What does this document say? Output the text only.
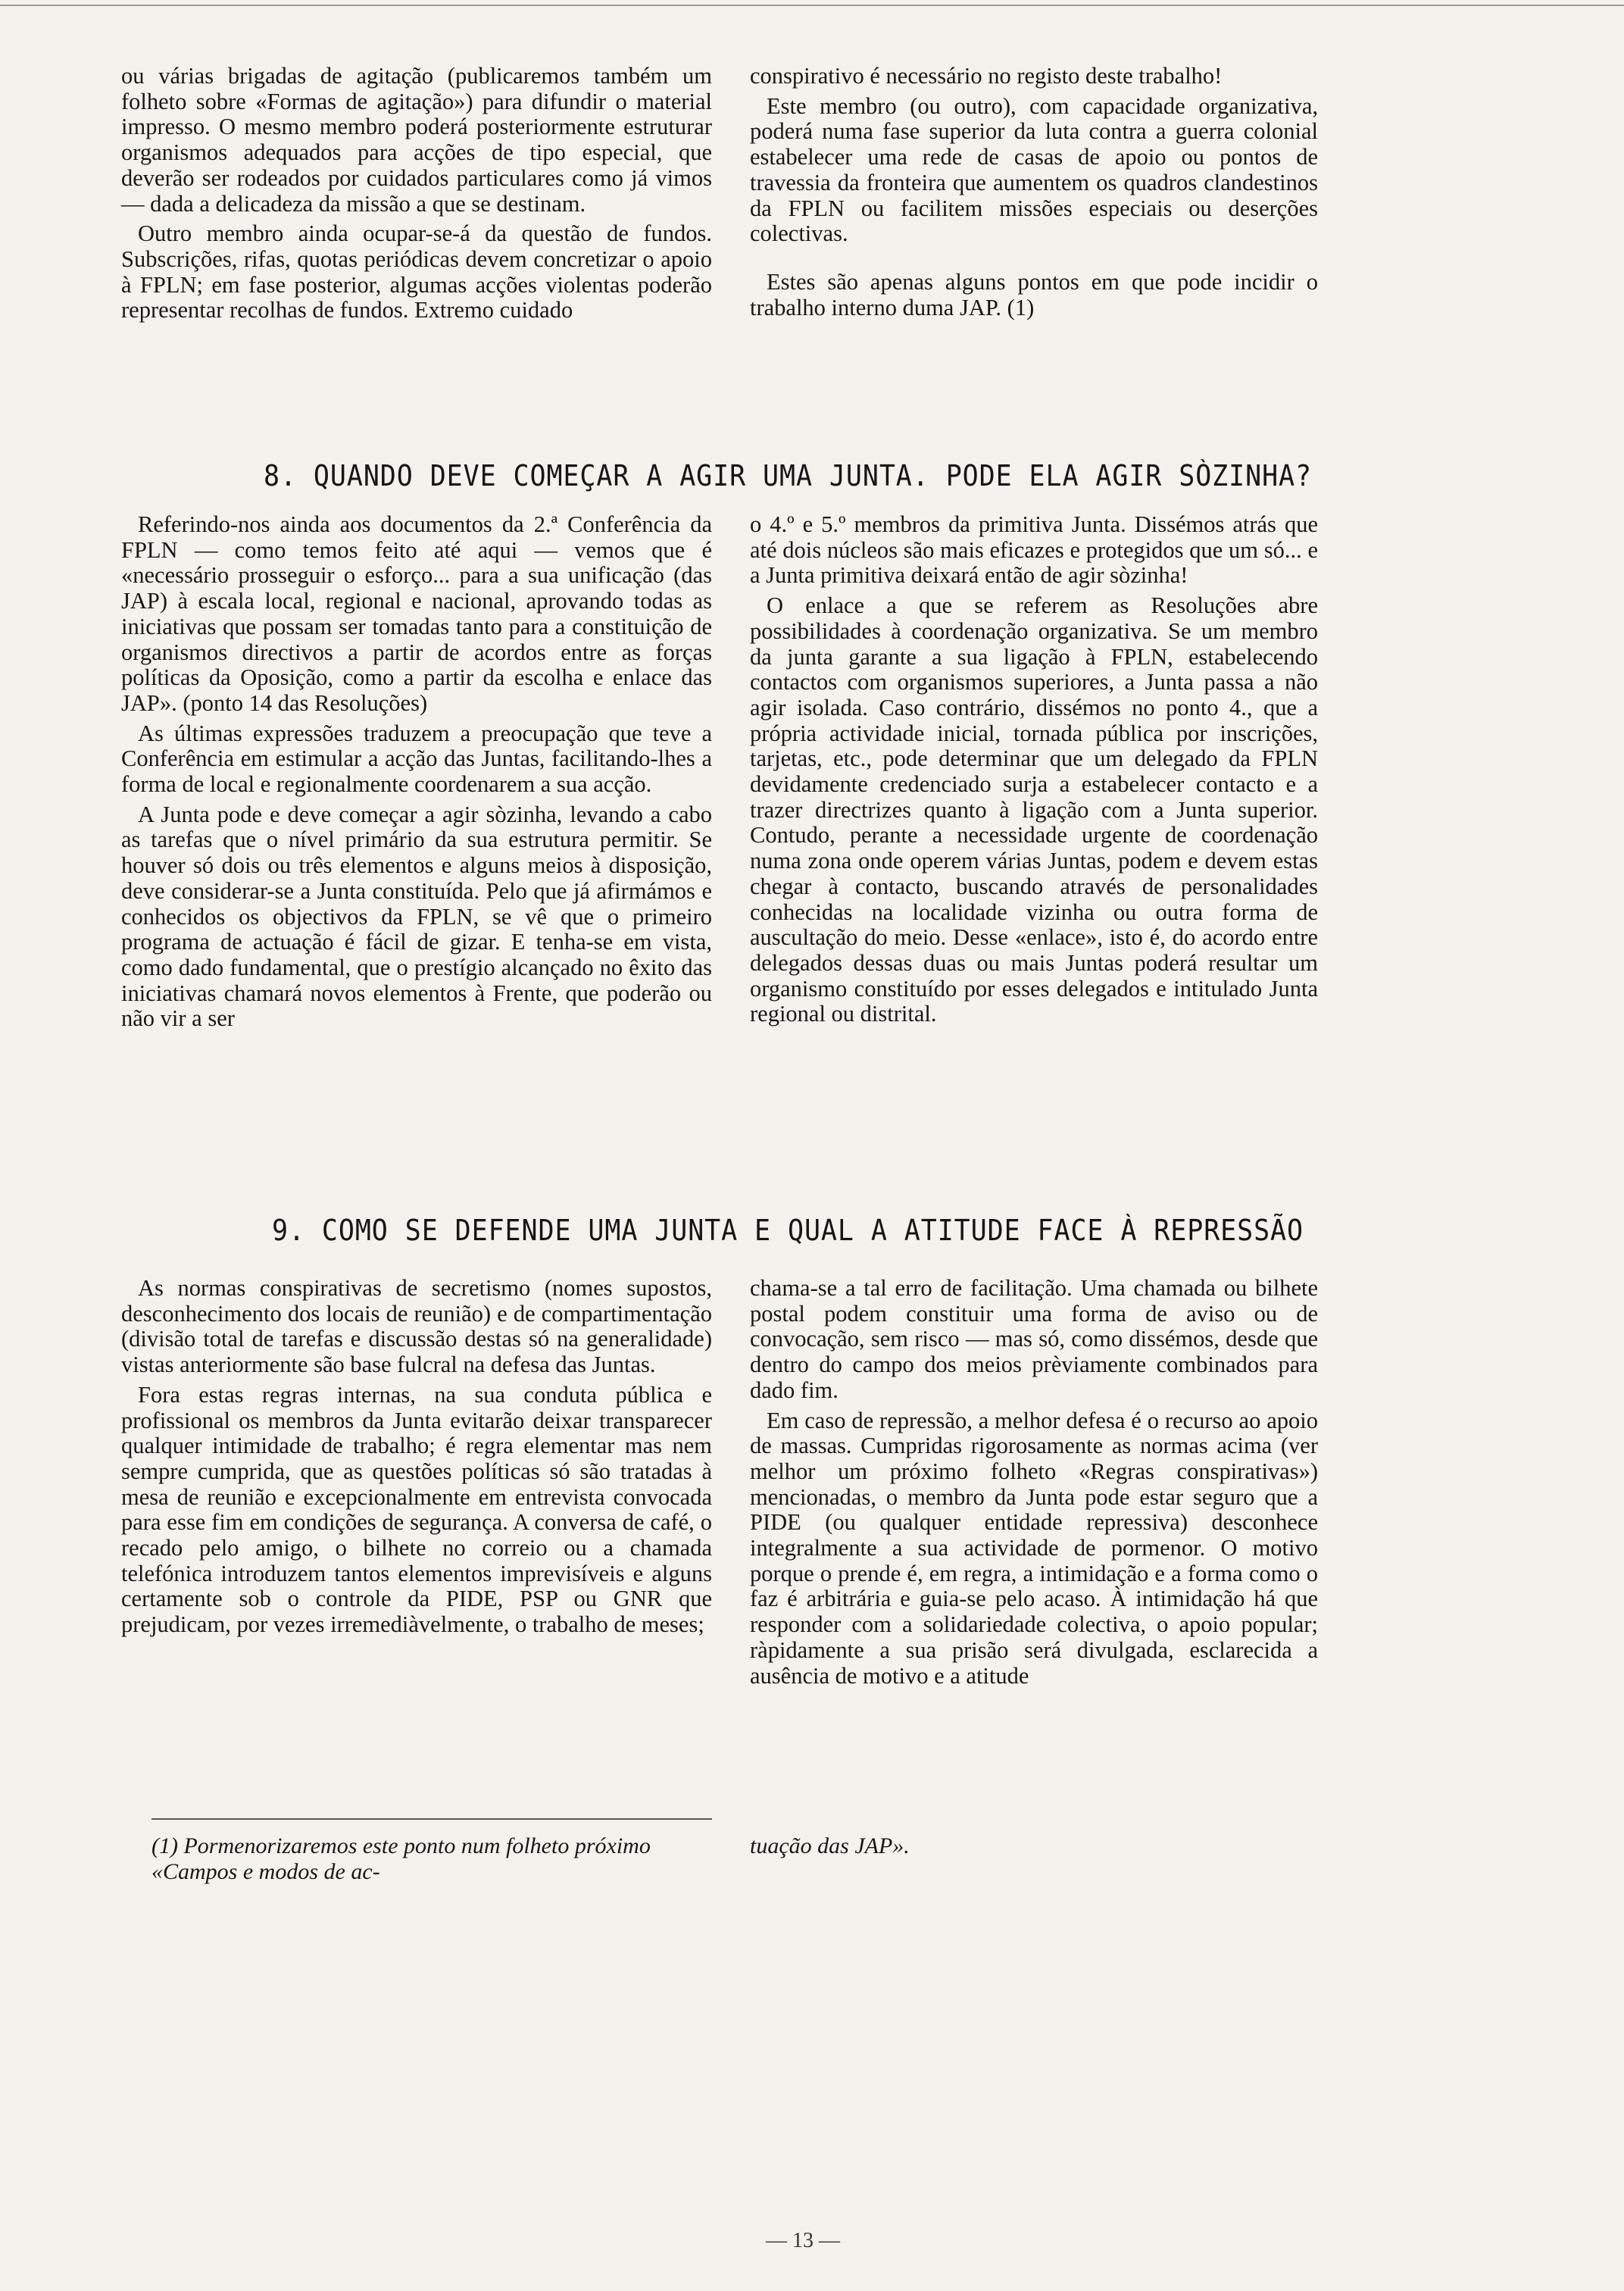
ou várias brigadas de agitação (publicaremos também um folheto sobre «Formas de agitação») para difundir o material impresso. O mesmo membro poderá posteriormente estruturar organismos adequados para acções de tipo especial, que deverão ser rodeados por cuidados particulares como já vimos — dada a delicadeza da missão a que se destinam.

Outro membro ainda ocupar-se-á da questão de fundos. Subscrições, rifas, quotas periódicas devem concretizar o apoio à FPLN; em fase posterior, algumas acções violentas poderão representar recolhas de fundos. Extremo cuidado

conspirativo é necessário no registo deste trabalho!

Este membro (ou outro), com capacidade organizativa, poderá numa fase superior da luta contra a guerra colonial estabelecer uma rede de casas de apoio ou pontos de travessia da fronteira que aumentem os quadros clandestinos da FPLN ou facilitem missões especiais ou deserções colectivas.

Estes são apenas alguns pontos em que pode incidir o trabalho interno duma JAP. (1)

8. QUANDO DEVE COMEÇAR A AGIR UMA JUNTA. PODE ELA AGIR SÒZINHA?

Referindo-nos ainda aos documentos da 2.ª Conferência da FPLN — como temos feito até aqui — vemos que é «necessário prosseguir o esforço... para a sua unificação (das JAP) à escala local, regional e nacional, aprovando todas as iniciativas que possam ser tomadas tanto para a constituição de organismos directivos a partir de acordos entre as forças políticas da Oposição, como a partir da escolha e enlace das JAP». (ponto 14 das Resoluções)

As últimas expressões traduzem a preocupação que teve a Conferência em estimular a acção das Juntas, facilitando-lhes a forma de local e regionalmente coordenarem a sua acção.

A Junta pode e deve começar a agir sòzinha, levando a cabo as tarefas que o nível primário da sua estrutura permitir. Se houver só dois ou três elementos e alguns meios à disposição, deve considerar-se a Junta constituída. Pelo que já afirmámos e conhecidos os objectivos da FPLN, se vê que o primeiro programa de actuação é fácil de gizar. E tenha-se em vista, como dado fundamental, que o prestígio alcançado no êxito das iniciativas chamará novos elementos à Frente, que poderão ou não vir a ser

o 4.º e 5.º membros da primitiva Junta. Dissémos atrás que até dois núcleos são mais eficazes e protegidos que um só... e a Junta primitiva deixará então de agir sòzinha!

O enlace a que se referem as Resoluções abre possibilidades à coordenação organizativa. Se um membro da junta garante a sua ligação à FPLN, estabelecendo contactos com organismos superiores, a Junta passa a não agir isolada. Caso contrário, dissémos no ponto 4., que a própria actividade inicial, tornada pública por inscrições, tarjetas, etc., pode determinar que um delegado da FPLN devidamente credenciado surja a estabelecer contacto e a trazer directrizes quanto à ligação com a Junta superior. Contudo, perante a necessidade urgente de coordenação numa zona onde operem várias Juntas, podem e devem estas chegar à contacto, buscando através de personalidades conhecidas na localidade vizinha ou outra forma de auscultação do meio. Desse «enlace», isto é, do acordo entre delegados dessas duas ou mais Juntas poderá resultar um organismo constituído por esses delegados e intitulado Junta regional ou distrital.

9. COMO SE DEFENDE UMA JUNTA E QUAL A ATITUDE FACE À REPRESSÃO

As normas conspirativas de secretismo (nomes supostos, desconhecimento dos locais de reunião) e de compartimentação (divisão total de tarefas e discussão destas só na generalidade) vistas anteriormente são base fulcral na defesa das Juntas.

Fora estas regras internas, na sua conduta pública e profissional os membros da Junta evitarão deixar transparecer qualquer intimidade de trabalho; é regra elementar mas nem sempre cumprida, que as questões políticas só são tratadas à mesa de reunião e excepcionalmente em entrevista convocada para esse fim em condições de segurança. A conversa de café, o recado pelo amigo, o bilhete no correio ou a chamada telefónica introduzem tantos elementos imprevisíveis e alguns certamente sob o controle da PIDE, PSP ou GNR que prejudicam, por vezes irremediàvelmente, o trabalho de meses;

chama-se a tal erro de facilitação. Uma chamada ou bilhete postal podem constituir uma forma de aviso ou de convocação, sem risco — mas só, como dissémos, desde que dentro do campo dos meios prèviamente combinados para dado fim.

Em caso de repressão, a melhor defesa é o recurso ao apoio de massas. Cumpridas rigorosamente as normas acima (ver melhor um próximo folheto «Regras conspirativas») mencionadas, o membro da Junta pode estar seguro que a PIDE (ou qualquer entidade repressiva) desconhece integralmente a sua actividade de pormenor. O motivo porque o prende é, em regra, a intimidação e a forma como o faz é arbitrária e guia-se pelo acaso. À intimidação há que responder com a solidariedade colectiva, o apoio popular; ràpidamente a sua prisão será divulgada, esclarecida a ausência de motivo e a atitude

(1) Pormenorizaremos este ponto num folheto próximo «Campos e modos de ac-
tuação das JAP».
— 13 —
